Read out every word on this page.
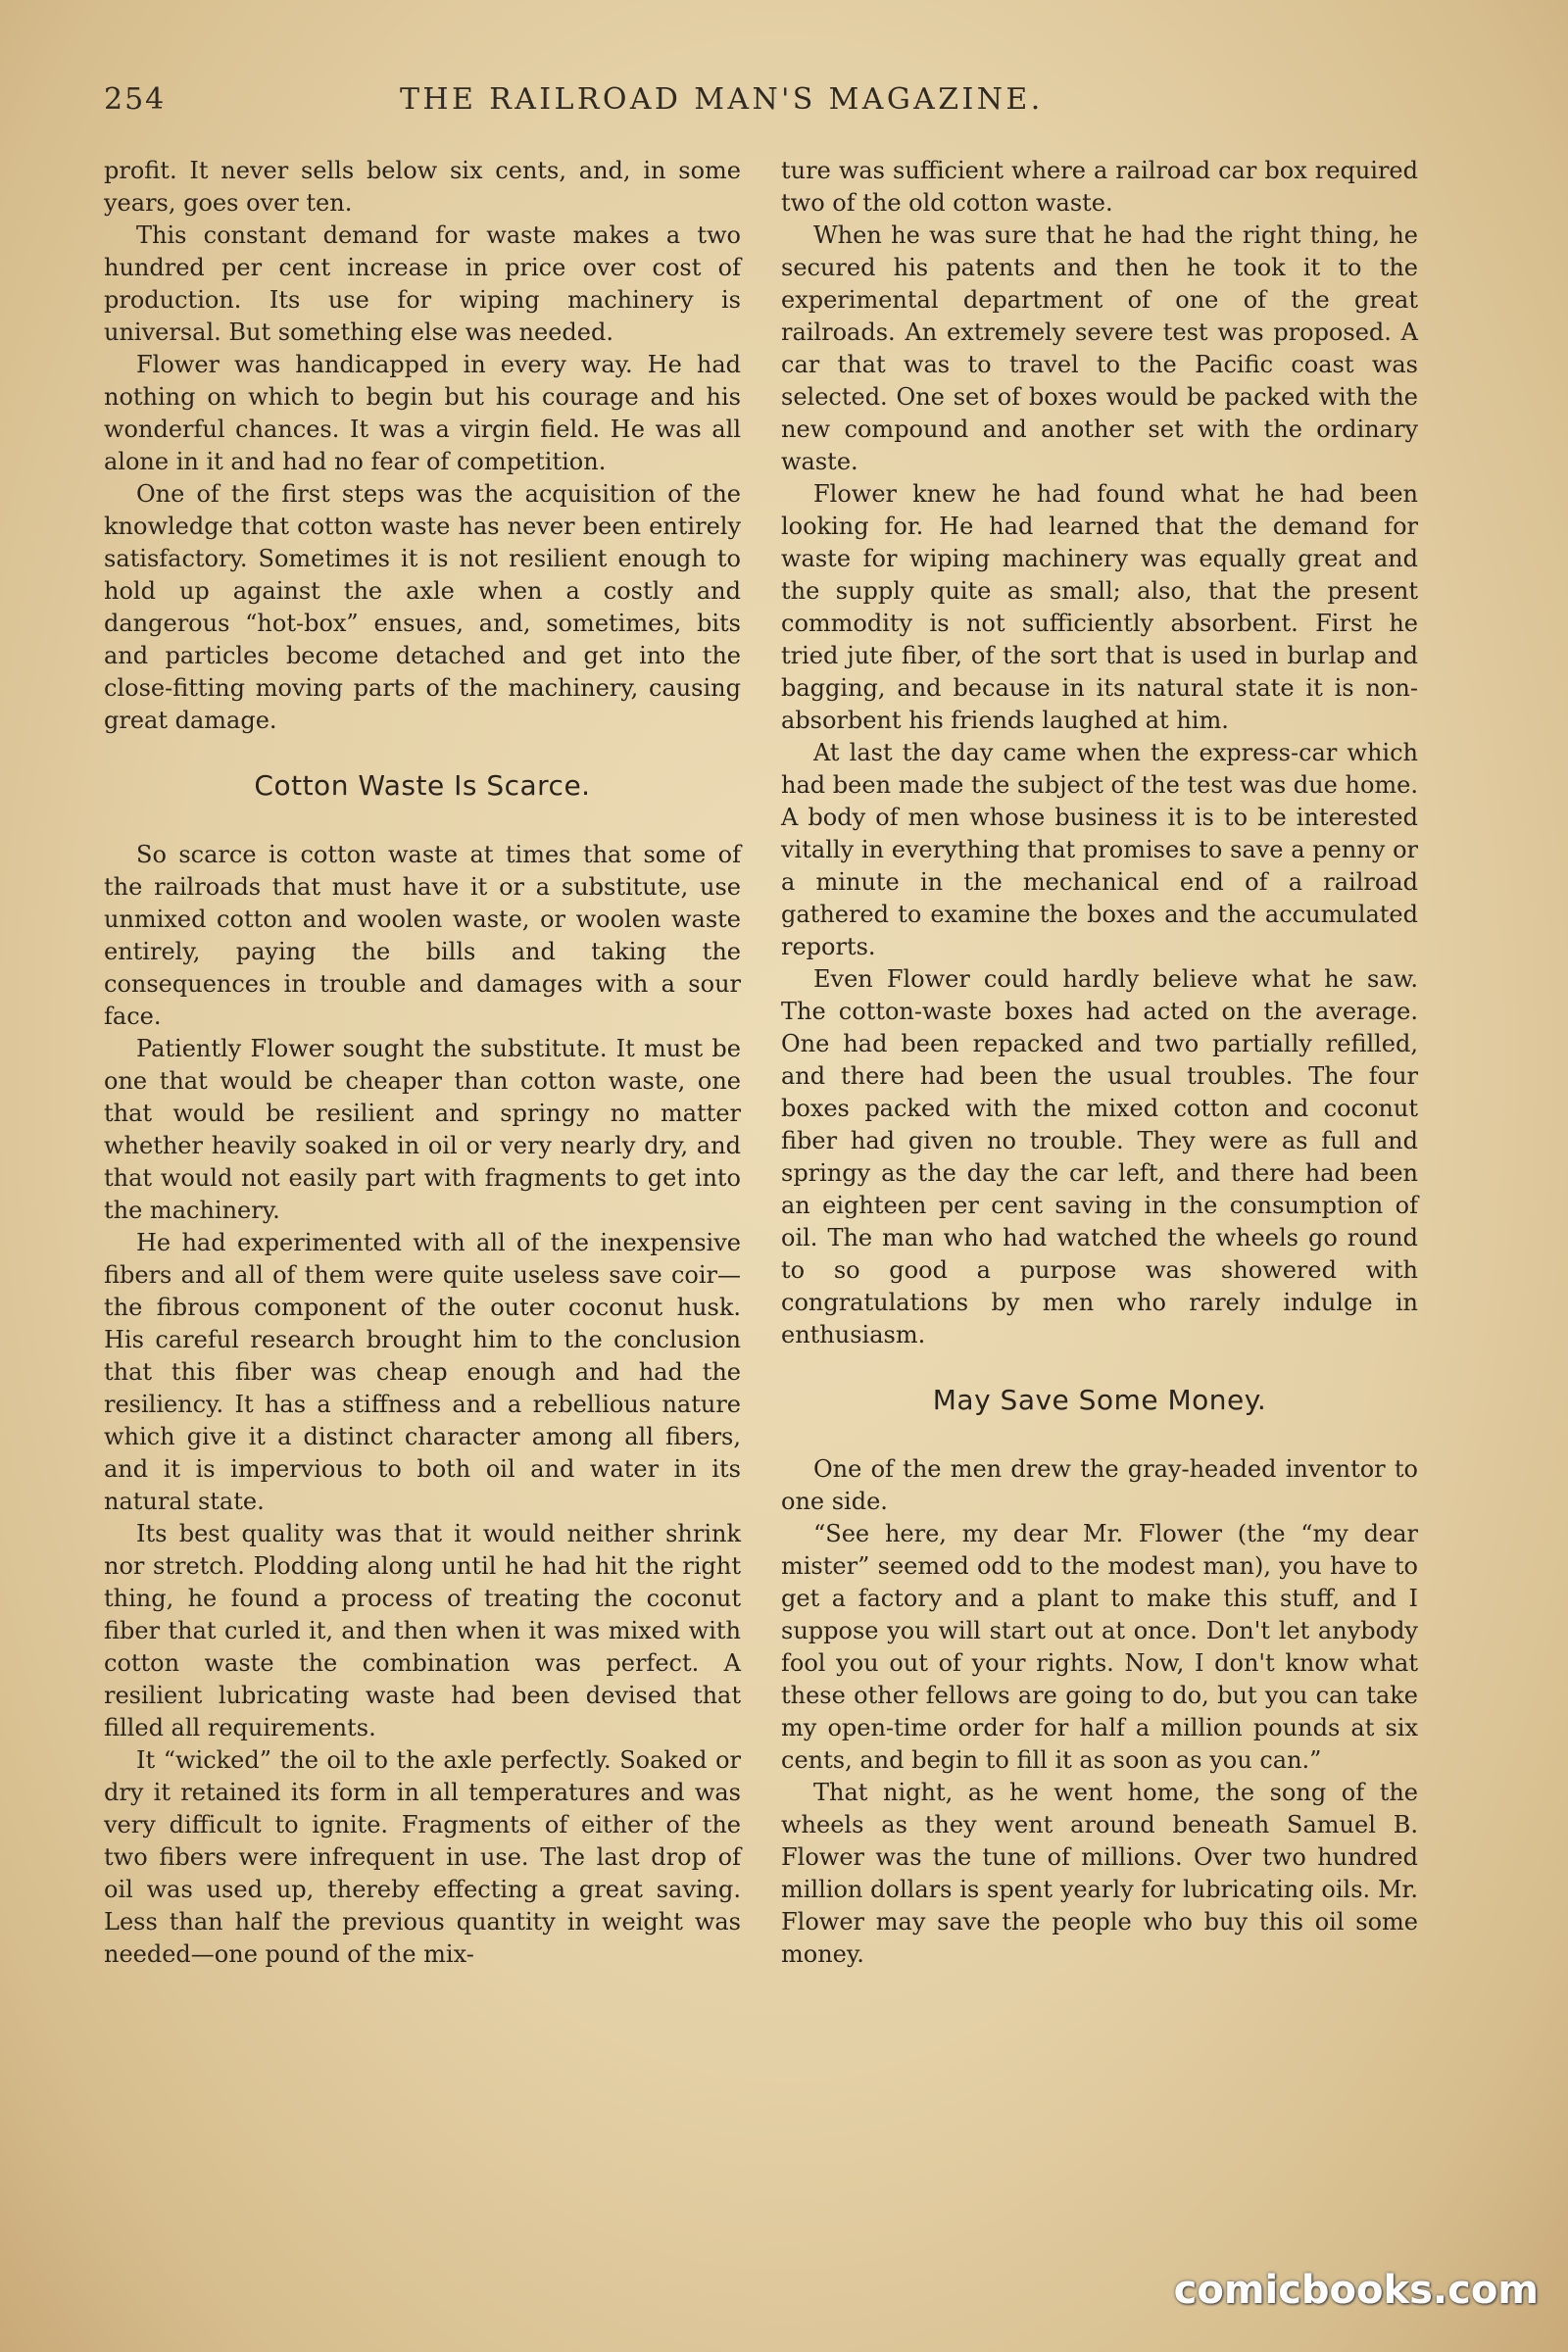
254	THE RAILROAD MAN'S MAGAZINE.

profit. It never sells below six cents, and, in some years, goes over ten.

This constant demand for waste makes a two hundred per cent increase in price over cost of production. Its use for wiping machinery is universal. But something else was needed.

Flower was handicapped in every way. He had nothing on which to begin but his courage and his wonderful chances. It was a virgin field. He was all alone in it and had no fear of competition.

One of the first steps was the acquisition of the knowledge that cotton waste has never been entirely satisfactory. Sometimes it is not resilient enough to hold up against the axle when a costly and dangerous “hot-box” ensues, and, sometimes, bits and particles become detached and get into the close-fitting moving parts of the machinery, causing great damage.

Cotton Waste Is Scarce.

So scarce is cotton waste at times that some of the railroads that must have it or a substitute, use unmixed cotton and woolen waste, or woolen waste entirely, paying the bills and taking the consequences in trouble and damages with a sour face.

Patiently Flower sought the substitute. It must be one that would be cheaper than cotton waste, one that would be resilient and springy no matter whether heavily soaked in oil or very nearly dry, and that would not easily part with fragments to get into the machinery.

He had experimented with all of the inexpensive fibers and all of them were quite useless save coir—the fibrous component of the outer coconut husk. His careful research brought him to the conclusion that this fiber was cheap enough and had the resiliency. It has a stiffness and a rebellious nature which give it a distinct character among all fibers, and it is impervious to both oil and water in its natural state.

Its best quality was that it would neither shrink nor stretch. Plodding along until he had hit the right thing, he found a process of treating the coconut fiber that curled it, and then when it was mixed with cotton waste the combination was perfect. A resilient lubricating waste had been devised that filled all requirements.

It “wicked” the oil to the axle perfectly. Soaked or dry it retained its form in all temperatures and was very difficult to ignite. Fragments of either of the two fibers were infrequent in use. The last drop of oil was used up, thereby effecting a great saving. Less than half the previous quantity in weight was needed—one pound of the mix-

ture was sufficient where a railroad car box required two of the old cotton waste.

When he was sure that he had the right thing, he secured his patents and then he took it to the experimental department of one of the great railroads. An extremely severe test was proposed. A car that was to travel to the Pacific coast was selected. One set of boxes would be packed with the new compound and another set with the ordinary waste.

Flower knew he had found what he had been looking for. He had learned that the demand for waste for wiping machinery was equally great and the supply quite as small; also, that the present commodity is not sufficiently absorbent. First he tried jute fiber, of the sort that is used in burlap and bagging, and because in its natural state it is non-absorbent his friends laughed at him.

At last the day came when the express-car which had been made the subject of the test was due home. A body of men whose business it is to be interested vitally in everything that promises to save a penny or a minute in the mechanical end of a railroad gathered to examine the boxes and the accumulated reports.

Even Flower could hardly believe what he saw. The cotton-waste boxes had acted on the average. One had been repacked and two partially refilled, and there had been the usual troubles. The four boxes packed with the mixed cotton and coconut fiber had given no trouble. They were as full and springy as the day the car left, and there had been an eighteen per cent saving in the consumption of oil. The man who had watched the wheels go round to so good a purpose was showered with congratulations by men who rarely indulge in enthusiasm.

May Save Some Money.

One of the men drew the gray-headed inventor to one side.

“See here, my dear Mr. Flower (the “my dear mister” seemed odd to the modest man), you have to get a factory and a plant to make this stuff, and I suppose you will start out at once. Don't let anybody fool you out of your rights. Now, I don't know what these other fellows are going to do, but you can take my open-time order for half a million pounds at six cents, and begin to fill it as soon as you can.”

That night, as he went home, the song of the wheels as they went around beneath Samuel B. Flower was the tune of millions. Over two hundred million dollars is spent yearly for lubricating oils. Mr. Flower may save the people who buy this oil some money.

comicbooks.com
